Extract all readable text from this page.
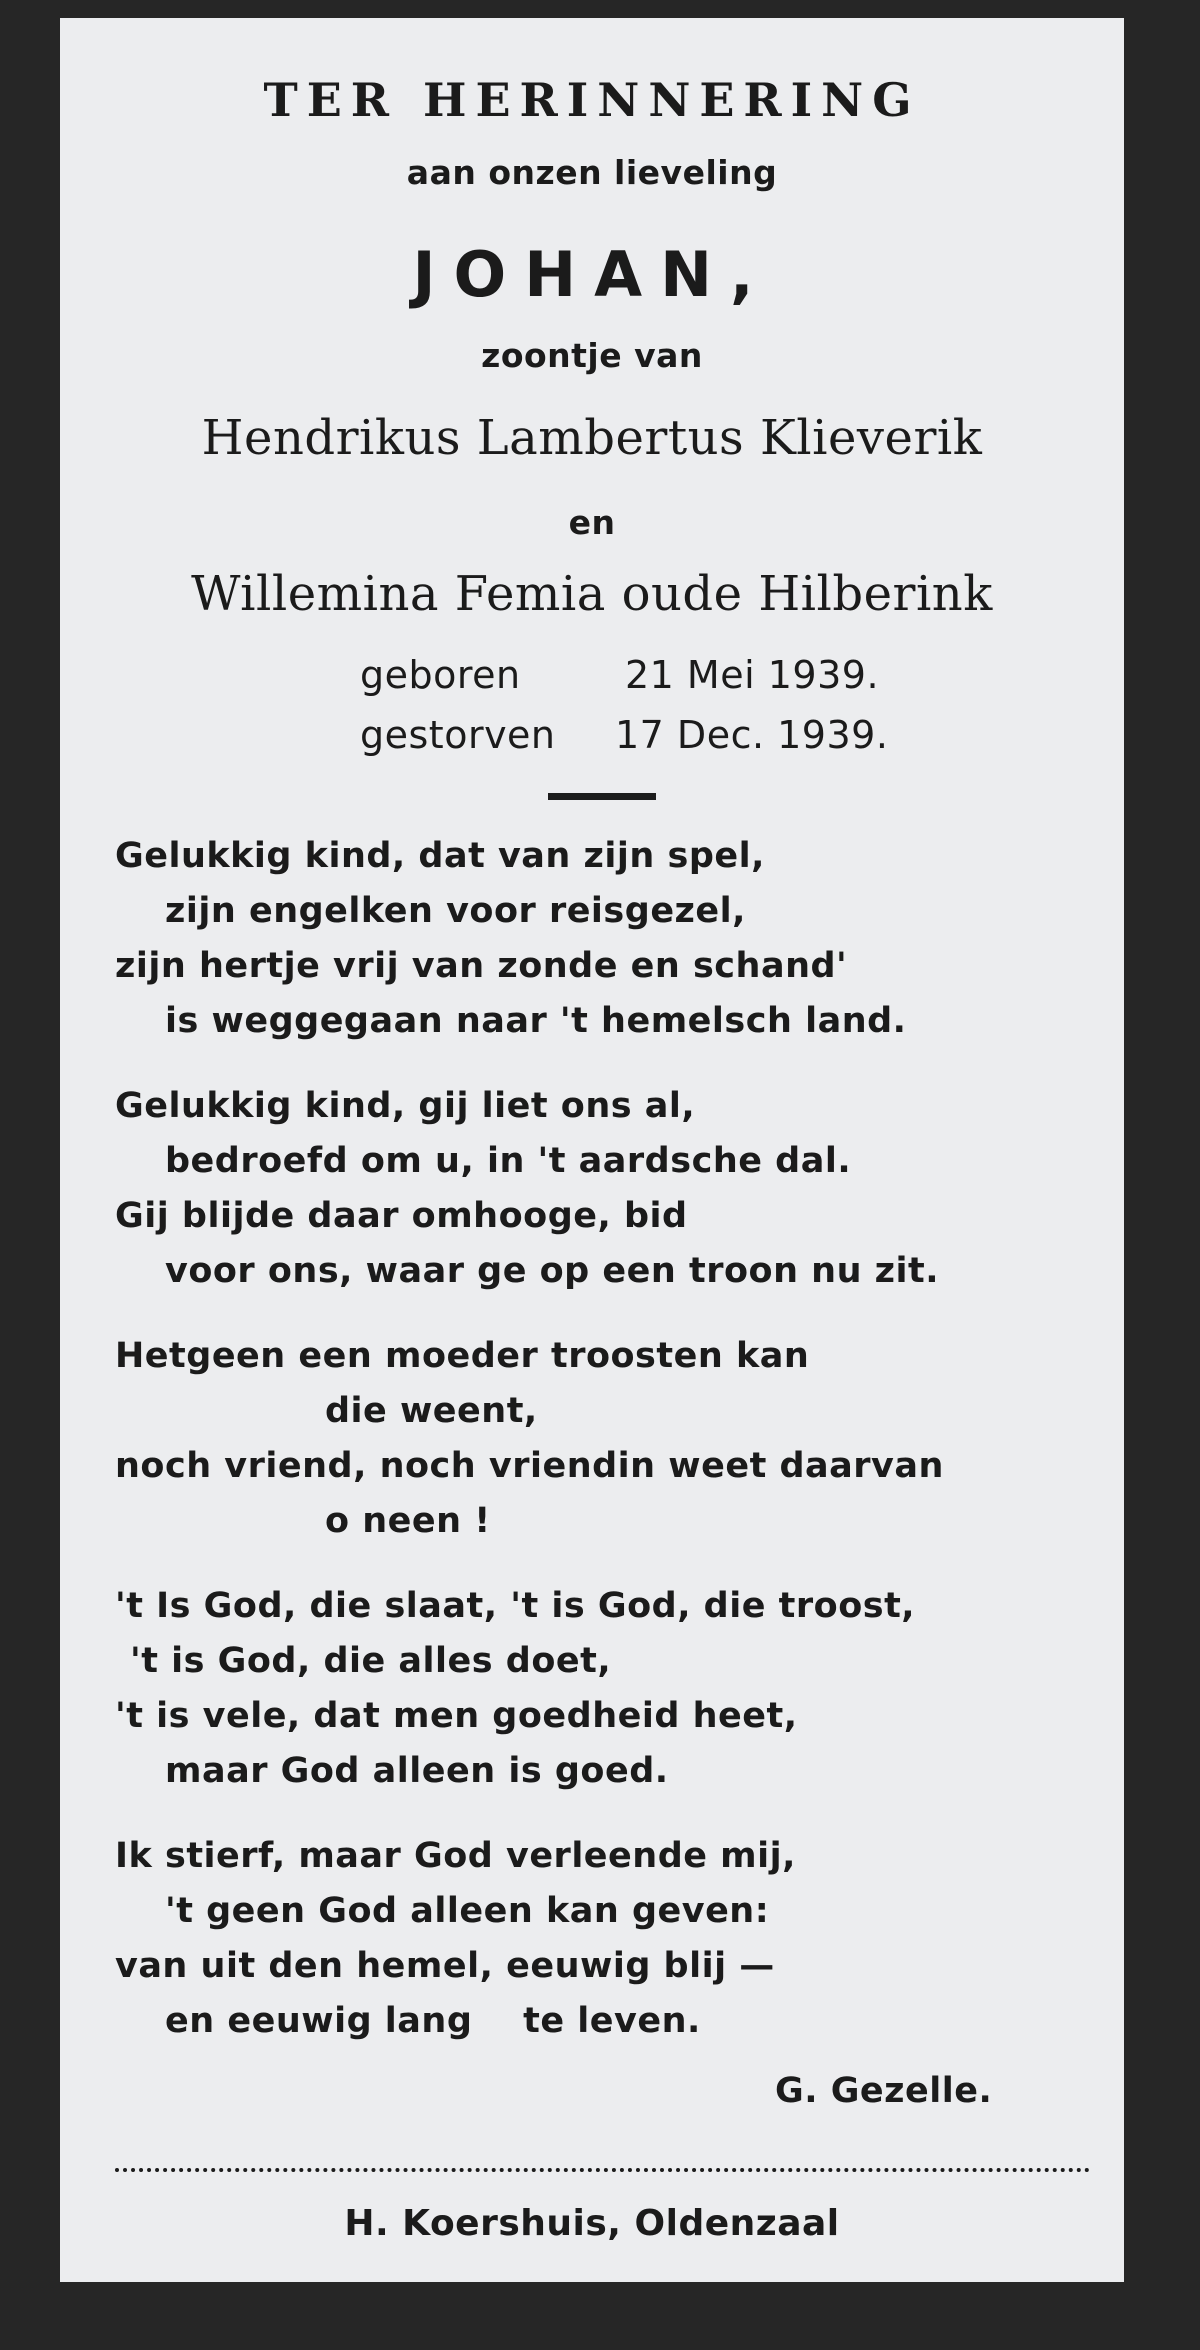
TER HERINNERING
aan onzen lieveling
JOHAN,
zoontje van
Hendrikus Lambertus Klieverik
en
Willemina Femia oude Hilberink
geboren	21 Mei 1939.
gestorven 17 Dec. 1939.
Gelukkig kind, dat van zijn spel,
zijn engelken voor reisgezel,
zijn hertje vrij van zonde en schand'
is weggegaan naar 't hemelsch land.
Gelukkig kind, gij liet ons al,
bedroefd om u, in 't aardsche dal.
Gij blijde daar omhooge, bid
voor ons, waar ge op een troon nu zit.
Hetgeen een moeder troosten kan
die weent,
noch vriend, noch vriendin weet daarvan
o neen !
't Is God, die slaat, 't is God, die troost,
't is God, die alles doet,
't is vele, dat men goedheid heet,
maar God alleen is goed.
Ik stierf, maar God verleende mij,
't geen God alleen kan geven:
van uit den hemel, eeuwig blij —
en eeuwig lang    te leven.
G. Gezelle.
H. Koershuis, Oldenzaal
